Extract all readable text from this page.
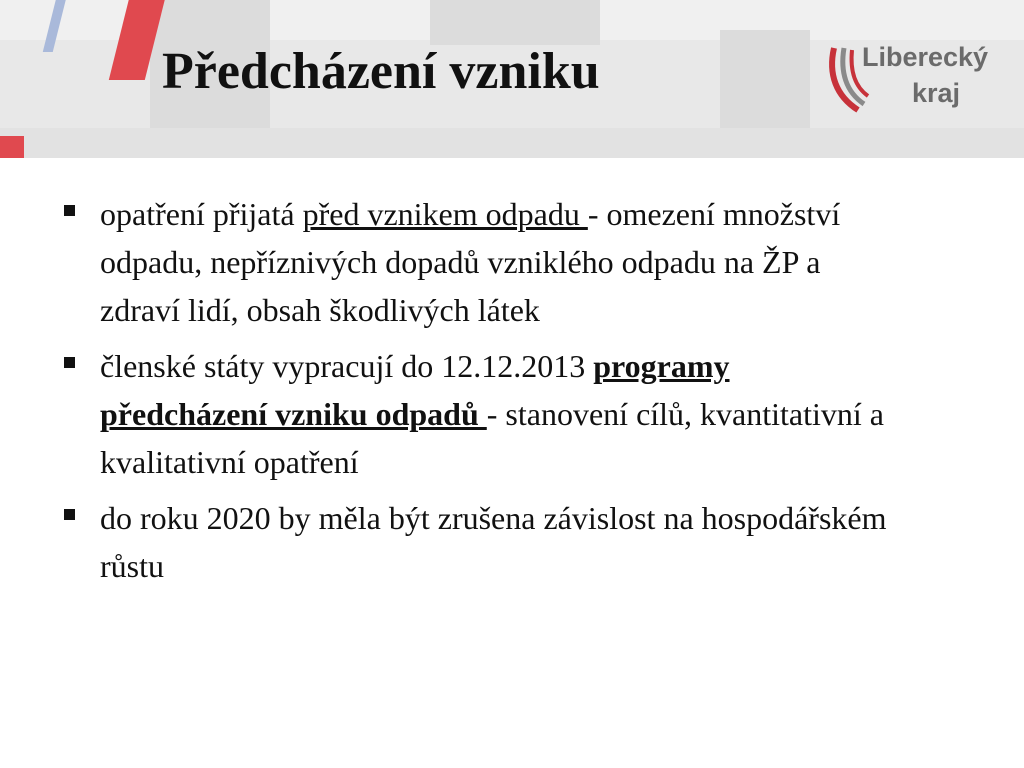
Předcházení vzniku	Liberecký
kraj
opatření přijatá před vznikem odpadu - omezení množství odpadu, nepříznivých dopadů vzniklého odpadu na ŽP a zdraví lidí, obsah škodlivých látek
členské státy vypracují do 12.12.2013 programy předcházení vzniku odpadů - stanovení cílů, kvantitativní a kvalitativní opatření
do roku 2020 by měla být zrušena závislost na hospodářském růstu
